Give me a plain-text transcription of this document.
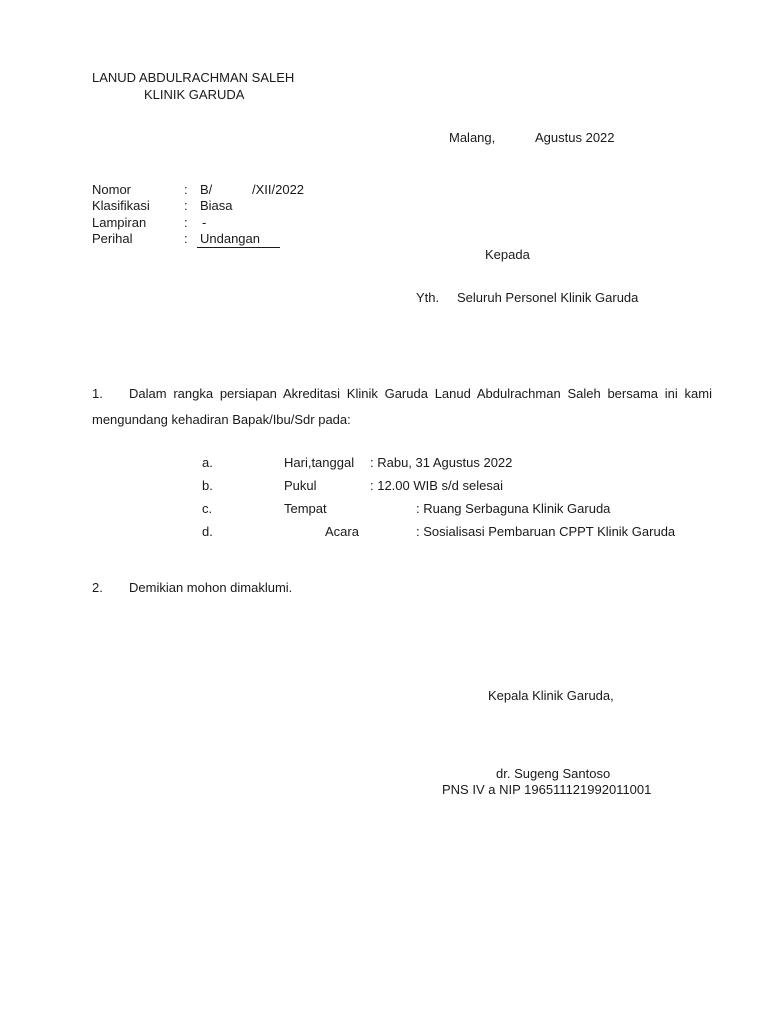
LANUD ABDULRACHMAN SALEH
KLINIK GARUDA
Malang,	Agustus 2022
Nomor	: B/	/XII/2022
Klasifikasi	: Biasa
Lampiran	: -
Perihal	: Undangan
Kepada
Yth. Seluruh Personel Klinik Garuda
1. Dalam rangka persiapan Akreditasi Klinik Garuda Lanud Abdulrachman Saleh bersama ini kami mengundang kehadiran Bapak/Ibu/Sdr pada:
a.	Hari,tanggal : Rabu, 31 Agustus 2022
b.	Pukul	: 12.00 WIB s/d selesai
c.	Tempat	: Ruang Serbaguna Klinik Garuda
d.	Acara	: Sosialisasi Pembaruan CPPT Klinik Garuda
2. Demikian mohon dimaklumi.
Kepala Klinik Garuda,
dr. Sugeng Santoso
PNS IV a NIP 196511121992011001
